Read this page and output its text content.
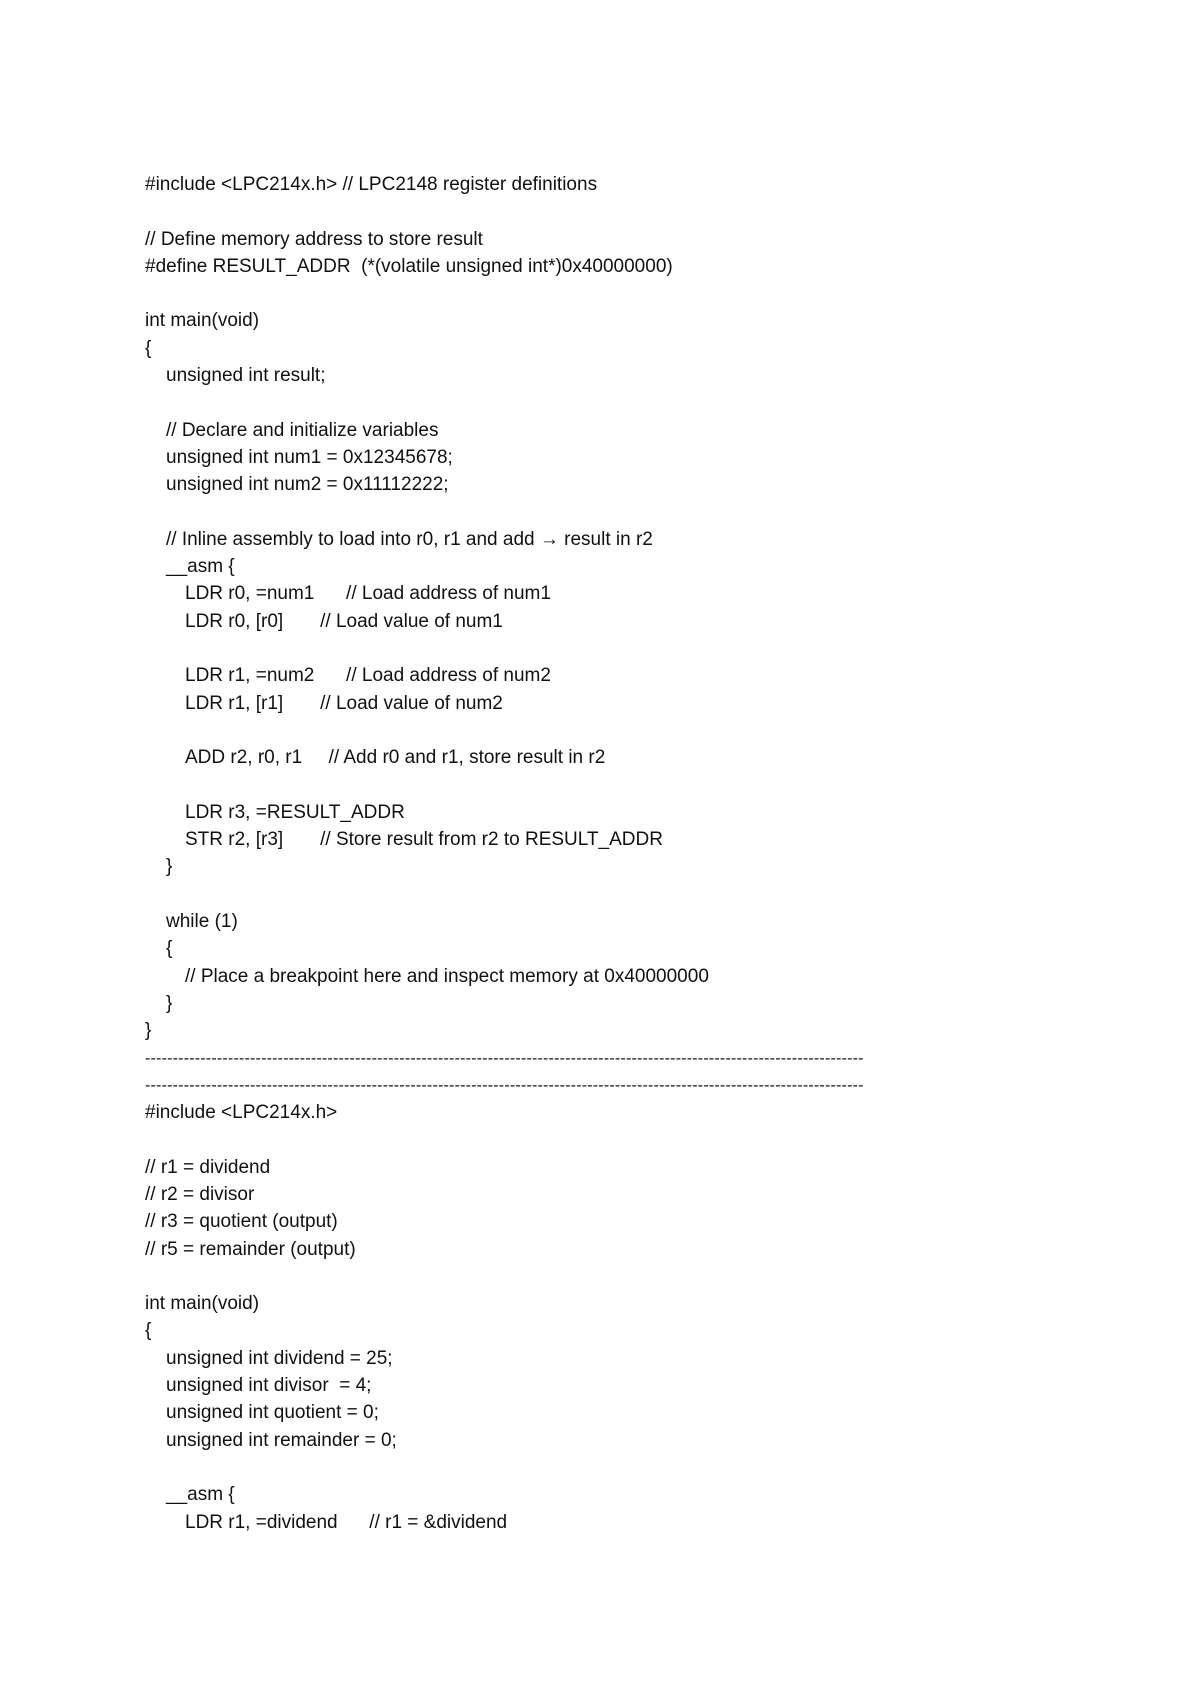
#include <LPC214x.h> // LPC2148 register definitions
// Define memory address to store result
#define RESULT_ADDR  (*(volatile unsigned int*)0x40000000)
int main(void)
{
unsigned int result;
// Declare and initialize variables
unsigned int num1 = 0x12345678;
unsigned int num2 = 0x11112222;
// Inline assembly to load into r0, r1 and add → result in r2
__asm {
LDR r0, =num1      // Load address of num1
LDR r0, [r0]       // Load value of num1
LDR r1, =num2      // Load address of num2
LDR r1, [r1]       // Load value of num2
ADD r2, r0, r1     // Add r0 and r1, store result in r2
LDR r3, =RESULT_ADDR
STR r2, [r3]       // Store result from r2 to RESULT_ADDR
}
while (1)
{
// Place a breakpoint here and inspect memory at 0x40000000
}
}
----------------------------------------------------------------------------------------------------------------------------------
----------------------------------------------------------------------------------------------------------------------------------
#include <LPC214x.h>
// r1 = dividend
// r2 = divisor
// r3 = quotient (output)
// r5 = remainder (output)
int main(void)
{
unsigned int dividend = 25;
unsigned int divisor  = 4;
unsigned int quotient = 0;
unsigned int remainder = 0;
__asm {
LDR r1, =dividend      // r1 = &dividend
